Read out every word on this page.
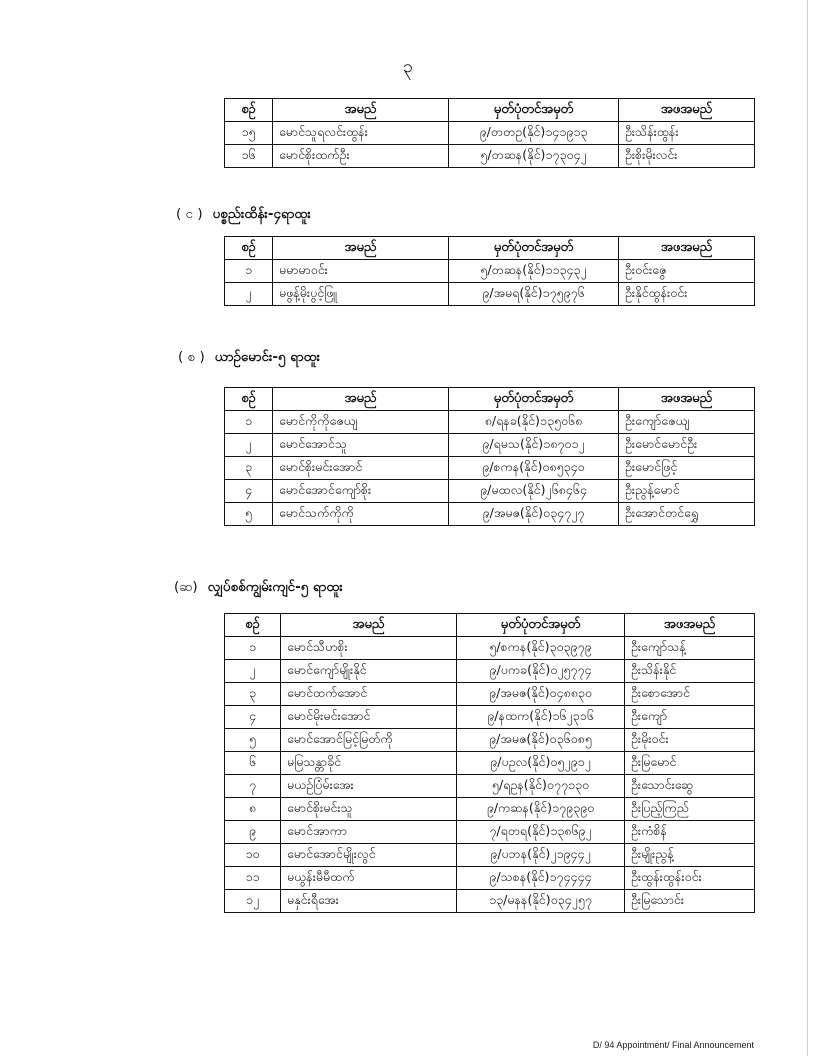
၃
စဉ်	အမည်	မှတ်ပုံတင်အမှတ်	အဖအမည်
၁၅	မောင်သူရလင်းထွန်း	၉/တတဥ(နိုင်)၁၄၁၉၁၃	ဦးသိန်းထွန်း
၁၆	မောင်စိုးထက်ဦး	၅/တဆန(နိုင်)၁၇၃၀၄၂	ဦးစိုးမိုးလင်း
( င ) ပစ္စည်းထိန်း-၄ရာထူး
စဉ်	အမည်	မှတ်ပုံတင်အမှတ်	အဖအမည်
၁	မမာမာဝင်း	၅/တဆန(နိုင်)၁၁၃၄၃၂	ဦးဝင်းဇွေ
၂	မဖွန့်မိုးပွင့်ဖြူ	၉/အမရ(နိုင်)၁၇၅၉၇၆	ဦးနိုင်ထွန်းဝင်း
( စ ) ယာဉ်မောင်း-၅ ရာထူး
စဉ်	အမည်	မှတ်ပုံတင်အမှတ်	အဖအမည်
၁	မောင်ကိုကိုဇေယျ	၈/ရနခ(နိုင်)၁၃၅၀၆၈	ဦးကျော်ဇေယျ
၂	မောင်အောင်သူ	၉/ရမသ(နိုင်)၁၈၇၀၁၂	ဦးမောင်မောင်ဦး
၃	မောင်စိုးမင်းအောင်	၉/စကန(နိုင်)၀၈၅၃၄၀	ဦးမောင်ဖြင့်
၄	မောင်အောင်ကျော်စိုး	၉/မထလ(နိုင်)၂၆၈၄၆၄	ဦးညွန့်မောင်
၅	မောင်သက်ကိုကို	၉/အမဇ(နိုင်)၀၃၄၇၂၇	ဦးအောင်တင်ရွှေ
(ဆ) လျှပ်စစ်ကျွမ်းကျင်-၅ ရာထူး
စဉ်	အမည်	မှတ်ပုံတင်အမှတ်	အဖအမည်
၁	မောင်သီဟစိုး	၅/စကန(နိုင်)၃၀၃၉၇၉	ဦးကျော်သန့်
၂	မောင်ကျော်မျိုးနိုင်	၉/ပကခ(နိုင်)၀၂၅၇၇၄	ဦးသိန်းနိုင်
၃	မောင်ထက်အောင်	၉/အမဇ(နိုင်)၀၄၈၈၃၀	ဦးစောအောင်
၄	မောင်မိုးမင်းအောင်	၉/နထက(နိုင်)၁၆၂၃၁၆	ဦးကျော်
၅	မောင်အောင်မြင့်မြတ်ကို	၉/အမဇ(နိုင်)၀၃၆၀၈၅	ဦးမိုးဝင်း
၆	မမြသန္တာခိုင်	၉/ပဥလ(နိုင်)၀၅၂၉၁၂	ဦးမြမောင်
၇	မယဉ်ပြံမ်းအေး	၅/ရဥန(နိုင်)၀၇၇၁၃၀	ဦးသောင်းဆွေ
၈	မောင်စိုးမင်းသူ	၉/ကဆန(နိုင်)၁၇၉၃၉၀	ဦးပြည့်ကြည်
၉	မောင်အာကာ	၇/ရတရ(နိုင်)၁၃၈၆၉၂	ဦးကံစိန်
၁၀	မောင်အောင်မျိုးလွင်	၉/ပဘန(နိုင်)၂၁၉၄၄၂	ဦးမျိုးညွန့်
၁၁	မယွန်းမီမီထက်	၉/သစန(နိုင်)၁၇၄၄၄၄	ဦးထွန်းထွန်းဝင်း
၁၂	မနှင်းရီအေး	၁၃/မနန(နိုင်)၀၃၄၂၅၇	ဦးမြသောင်း
D/ 94 Appointment/ Final Announcement
